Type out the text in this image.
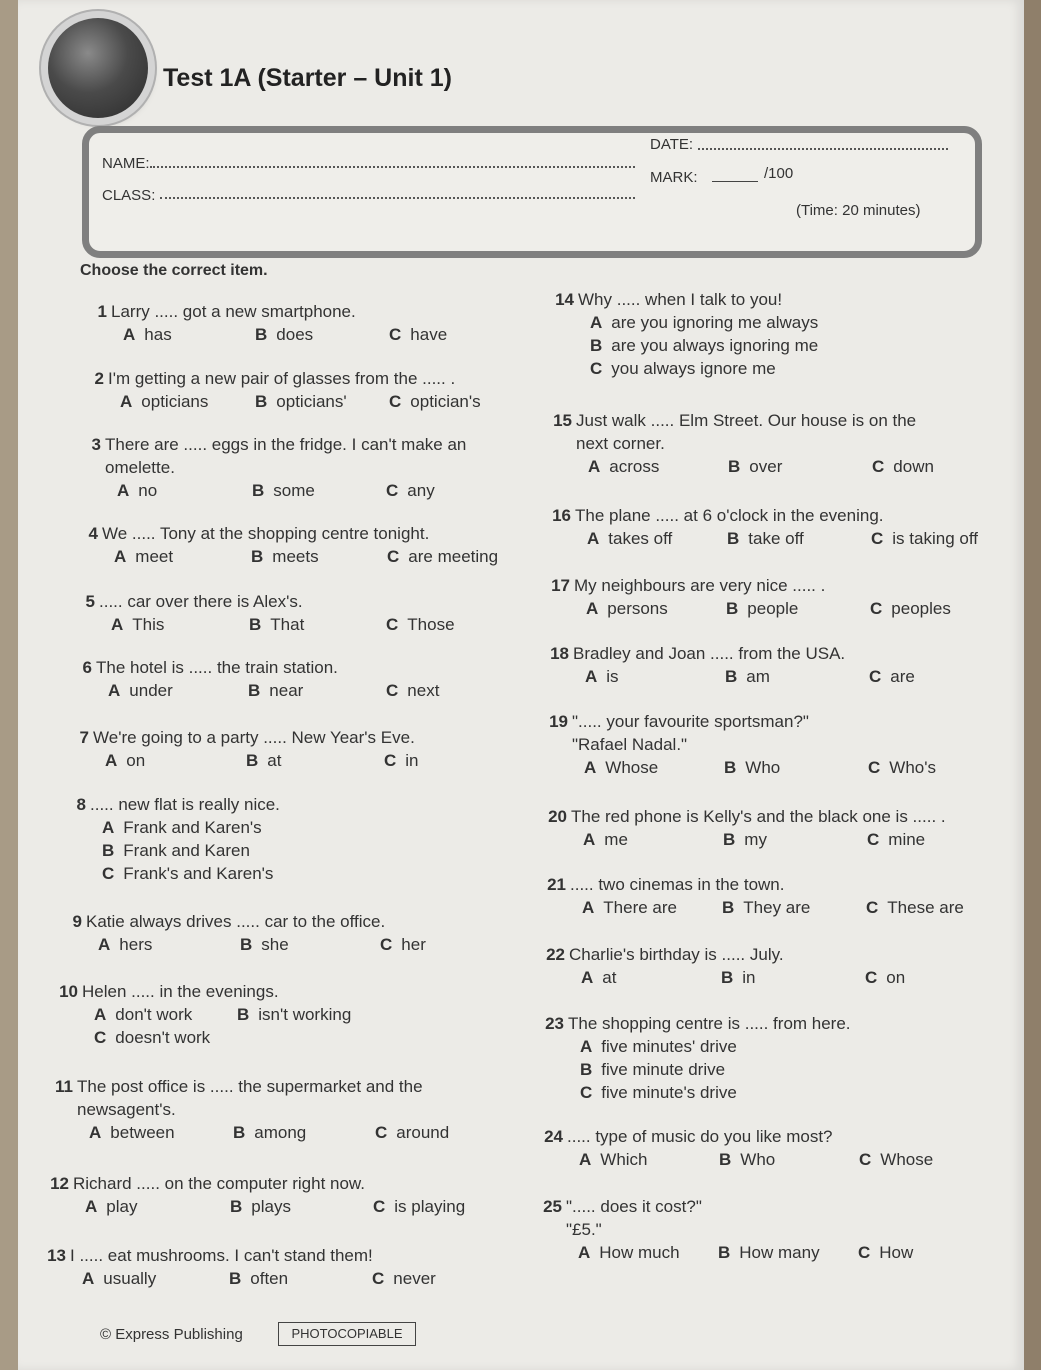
Test 1A (Starter – Unit 1)
NAME:
CLASS:
DATE:
MARK:	/100
(Time: 20 minutes)
Choose the correct item.
1 Larry ..... got a new smartphone.
A has	B does	C have
2 I'm getting a new pair of glasses from the ..... .
A opticians	B opticians' C optician's
3 There are ..... eggs in the fridge. I can't make an
omelette.
A no	B some	C any
4 We ..... Tony at the shopping centre tonight.
A meet	B meets	C are meeting
5 ..... car over there is Alex's.
A This	B That	C Those
6 The hotel is ..... the train station.
A under	B near	C next
7 We're going to a party ..... New Year's Eve.
A on	B at	C in
8 ..... new flat is really nice.
A Frank and Karen's
B Frank and Karen
C Frank's and Karen's
9 Katie always drives ..... car to the office.
A hers	B she	C her
10 Helen ..... in the evenings.
A don't work	B isn't working
C doesn't work
11 The post office is ..... the supermarket and the
newsagent's.
A between	B among	C around
12 Richard ..... on the computer right now.
A play	B plays	C is playing
13 I ..... eat mushrooms. I can't stand them!
A usually	B often	C never
14 Why ..... when I talk to you!
A are you ignoring me always
B are you always ignoring me
C you always ignore me
15 Just walk ..... Elm Street. Our house is on the
next corner.
A across	B over	C down
16 The plane ..... at 6 o'clock in the evening.
A takes off	B take off	C is taking off
17 My neighbours are very nice ..... .
A persons	B people	C peoples
18 Bradley and Joan ..... from the USA.
A is	B am	C are
19 "..... your favourite sportsman?"
"Rafael Nadal."
A Whose	B Who	C Who's
20 The red phone is Kelly's and the black one is ..... .
A me	B my	C mine
21 ..... two cinemas in the town.
A There are	B They are	C These are
22 Charlie's birthday is ..... July.
A at	B in	C on
23 The shopping centre is ..... from here.
A five minutes' drive
B five minute drive
C five minute's drive
24 ..... type of music do you like most?
A Which	B Who	C Whose
25 "..... does it cost?"
"£5."
A How much B How many C How
© Express Publishing	PHOTOCOPIABLE
